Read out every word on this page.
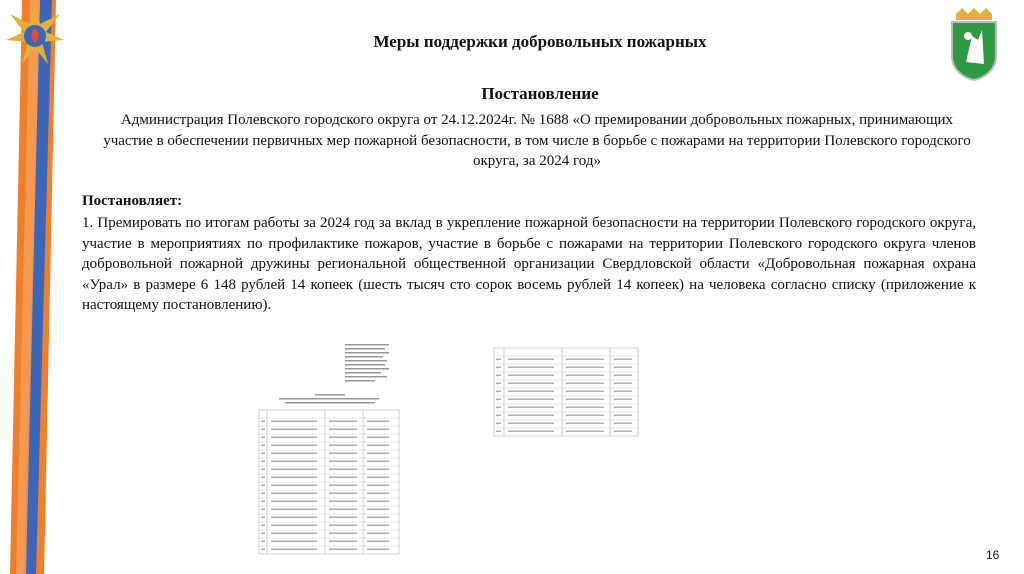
Меры поддержки добровольных пожарных
Постановление
Администрация Полевского городского округа от 24.12.2024г. № 1688 «О премировании добровольных пожарных, принимающих участие в обеспечении первичных мер пожарной безопасности, в том числе в борьбе с пожарами на территории Полевского городского округа, за 2024 год»
Постановляет:
1. Премировать по итогам работы за 2024 год за вклад в укрепление пожарной безопасности на территории Полевского городского округа, участие в мероприятиях по профилактике пожаров, участие в борьбе с пожарами на территории Полевского городского округа членов добровольной пожарной дружины региональной общественной организации Свердловской области «Добровольная пожарная охрана «Урал» в размере 6 148 рублей 14 копеек (шесть тысяч сто сорок восемь рублей 14 копеек) на человека согласно списку (приложение к настоящему постановлению).
16
